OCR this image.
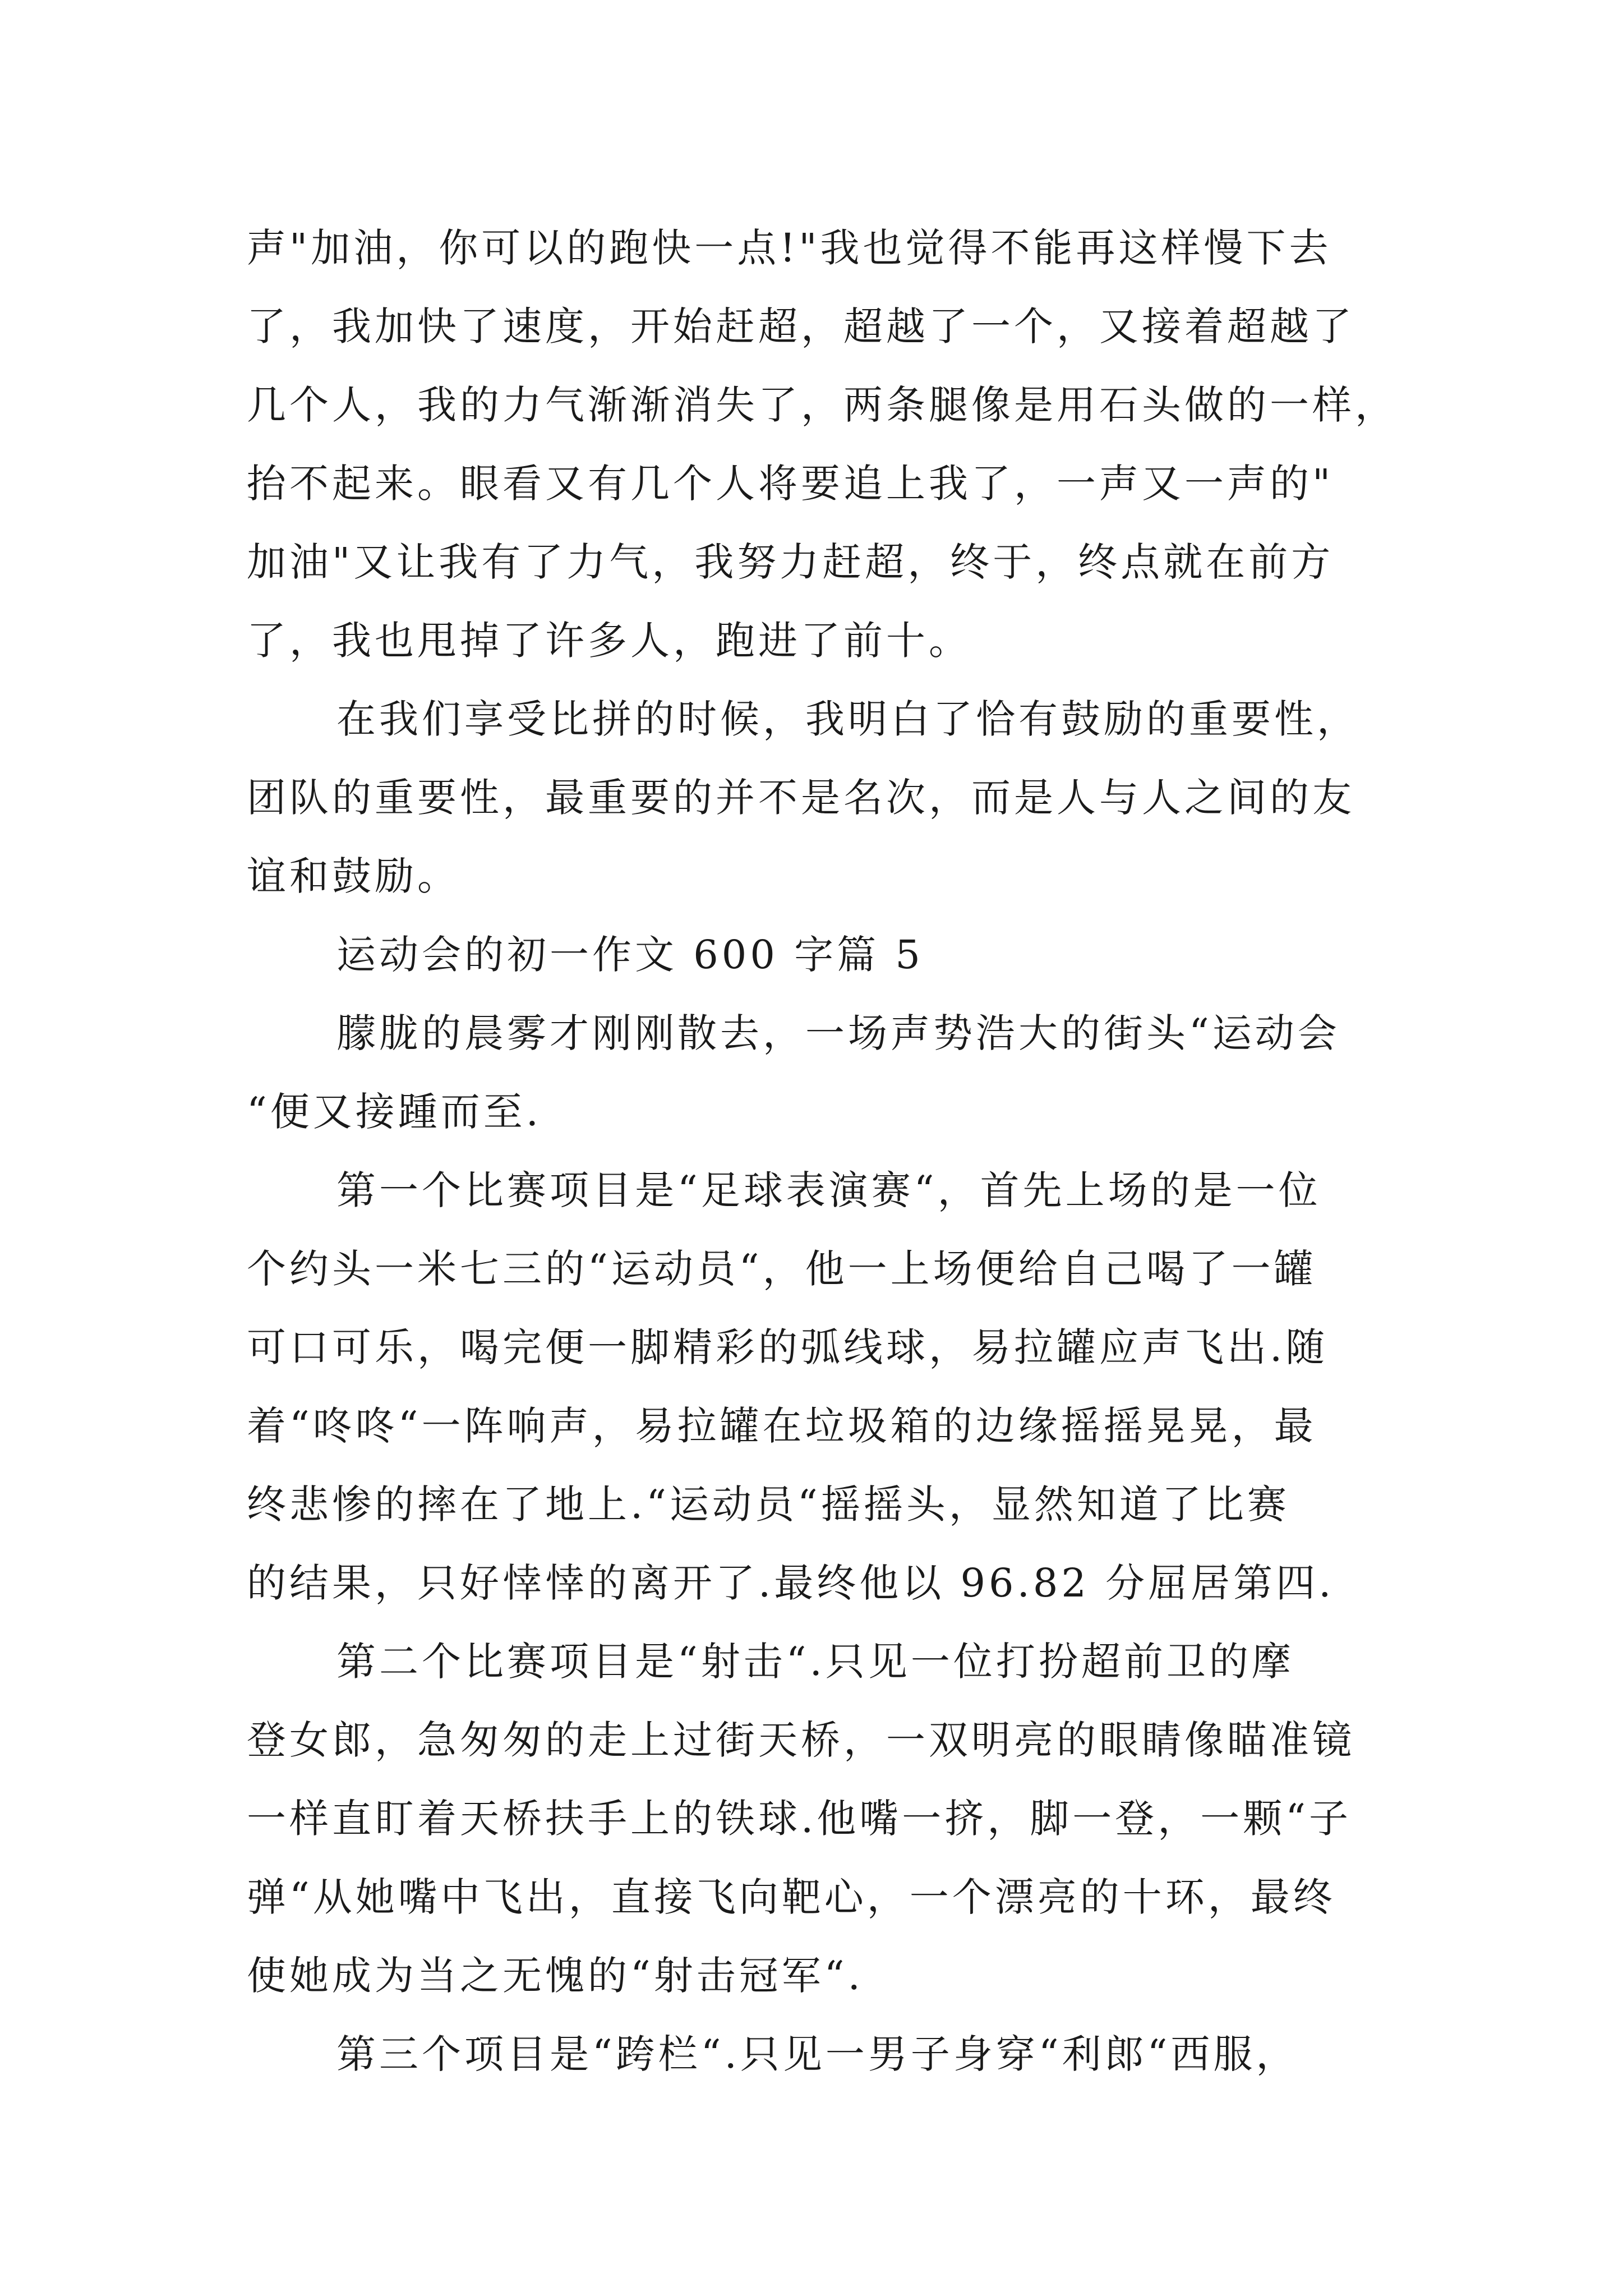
声"加油，你可以的跑快一点!"我也觉得不能再这样慢下去
了，我加快了速度，开始赶超，超越了一个，又接着超越了
几个人，我的力气渐渐消失了，两条腿像是用石头做的一样，
抬不起来。眼看又有几个人将要追上我了，一声又一声的"
加油"又让我有了力气，我努力赶超，终于，终点就在前方
了，我也甩掉了许多人，跑进了前十。
在我们享受比拼的时候，我明白了恰有鼓励的重要性，
团队的重要性，最重要的并不是名次，而是人与人之间的友
谊和鼓励。
运动会的初一作文 600 字篇 5
朦胧的晨雾才刚刚散去，一场声势浩大的街头“运动会
“便又接踵而至.
第一个比赛项目是“足球表演赛“，首先上场的是一位
个约头一米七三的“运动员“，他一上场便给自己喝了一罐
可口可乐，喝完便一脚精彩的弧线球，易拉罐应声飞出.随
着“咚咚“一阵响声，易拉罐在垃圾箱的边缘摇摇晃晃，最
终悲惨的摔在了地上.“运动员“摇摇头，显然知道了比赛
的结果，只好悻悻的离开了.最终他以 96.82 分屈居第四.
第二个比赛项目是“射击“.只见一位打扮超前卫的摩
登女郎，急匆匆的走上过街天桥，一双明亮的眼睛像瞄准镜
一样直盯着天桥扶手上的铁球.他嘴一挤，脚一登，一颗“子
弹“从她嘴中飞出，直接飞向靶心，一个漂亮的十环，最终
使她成为当之无愧的“射击冠军“.
第三个项目是“跨栏“.只见一男子身穿“利郎“西服，
